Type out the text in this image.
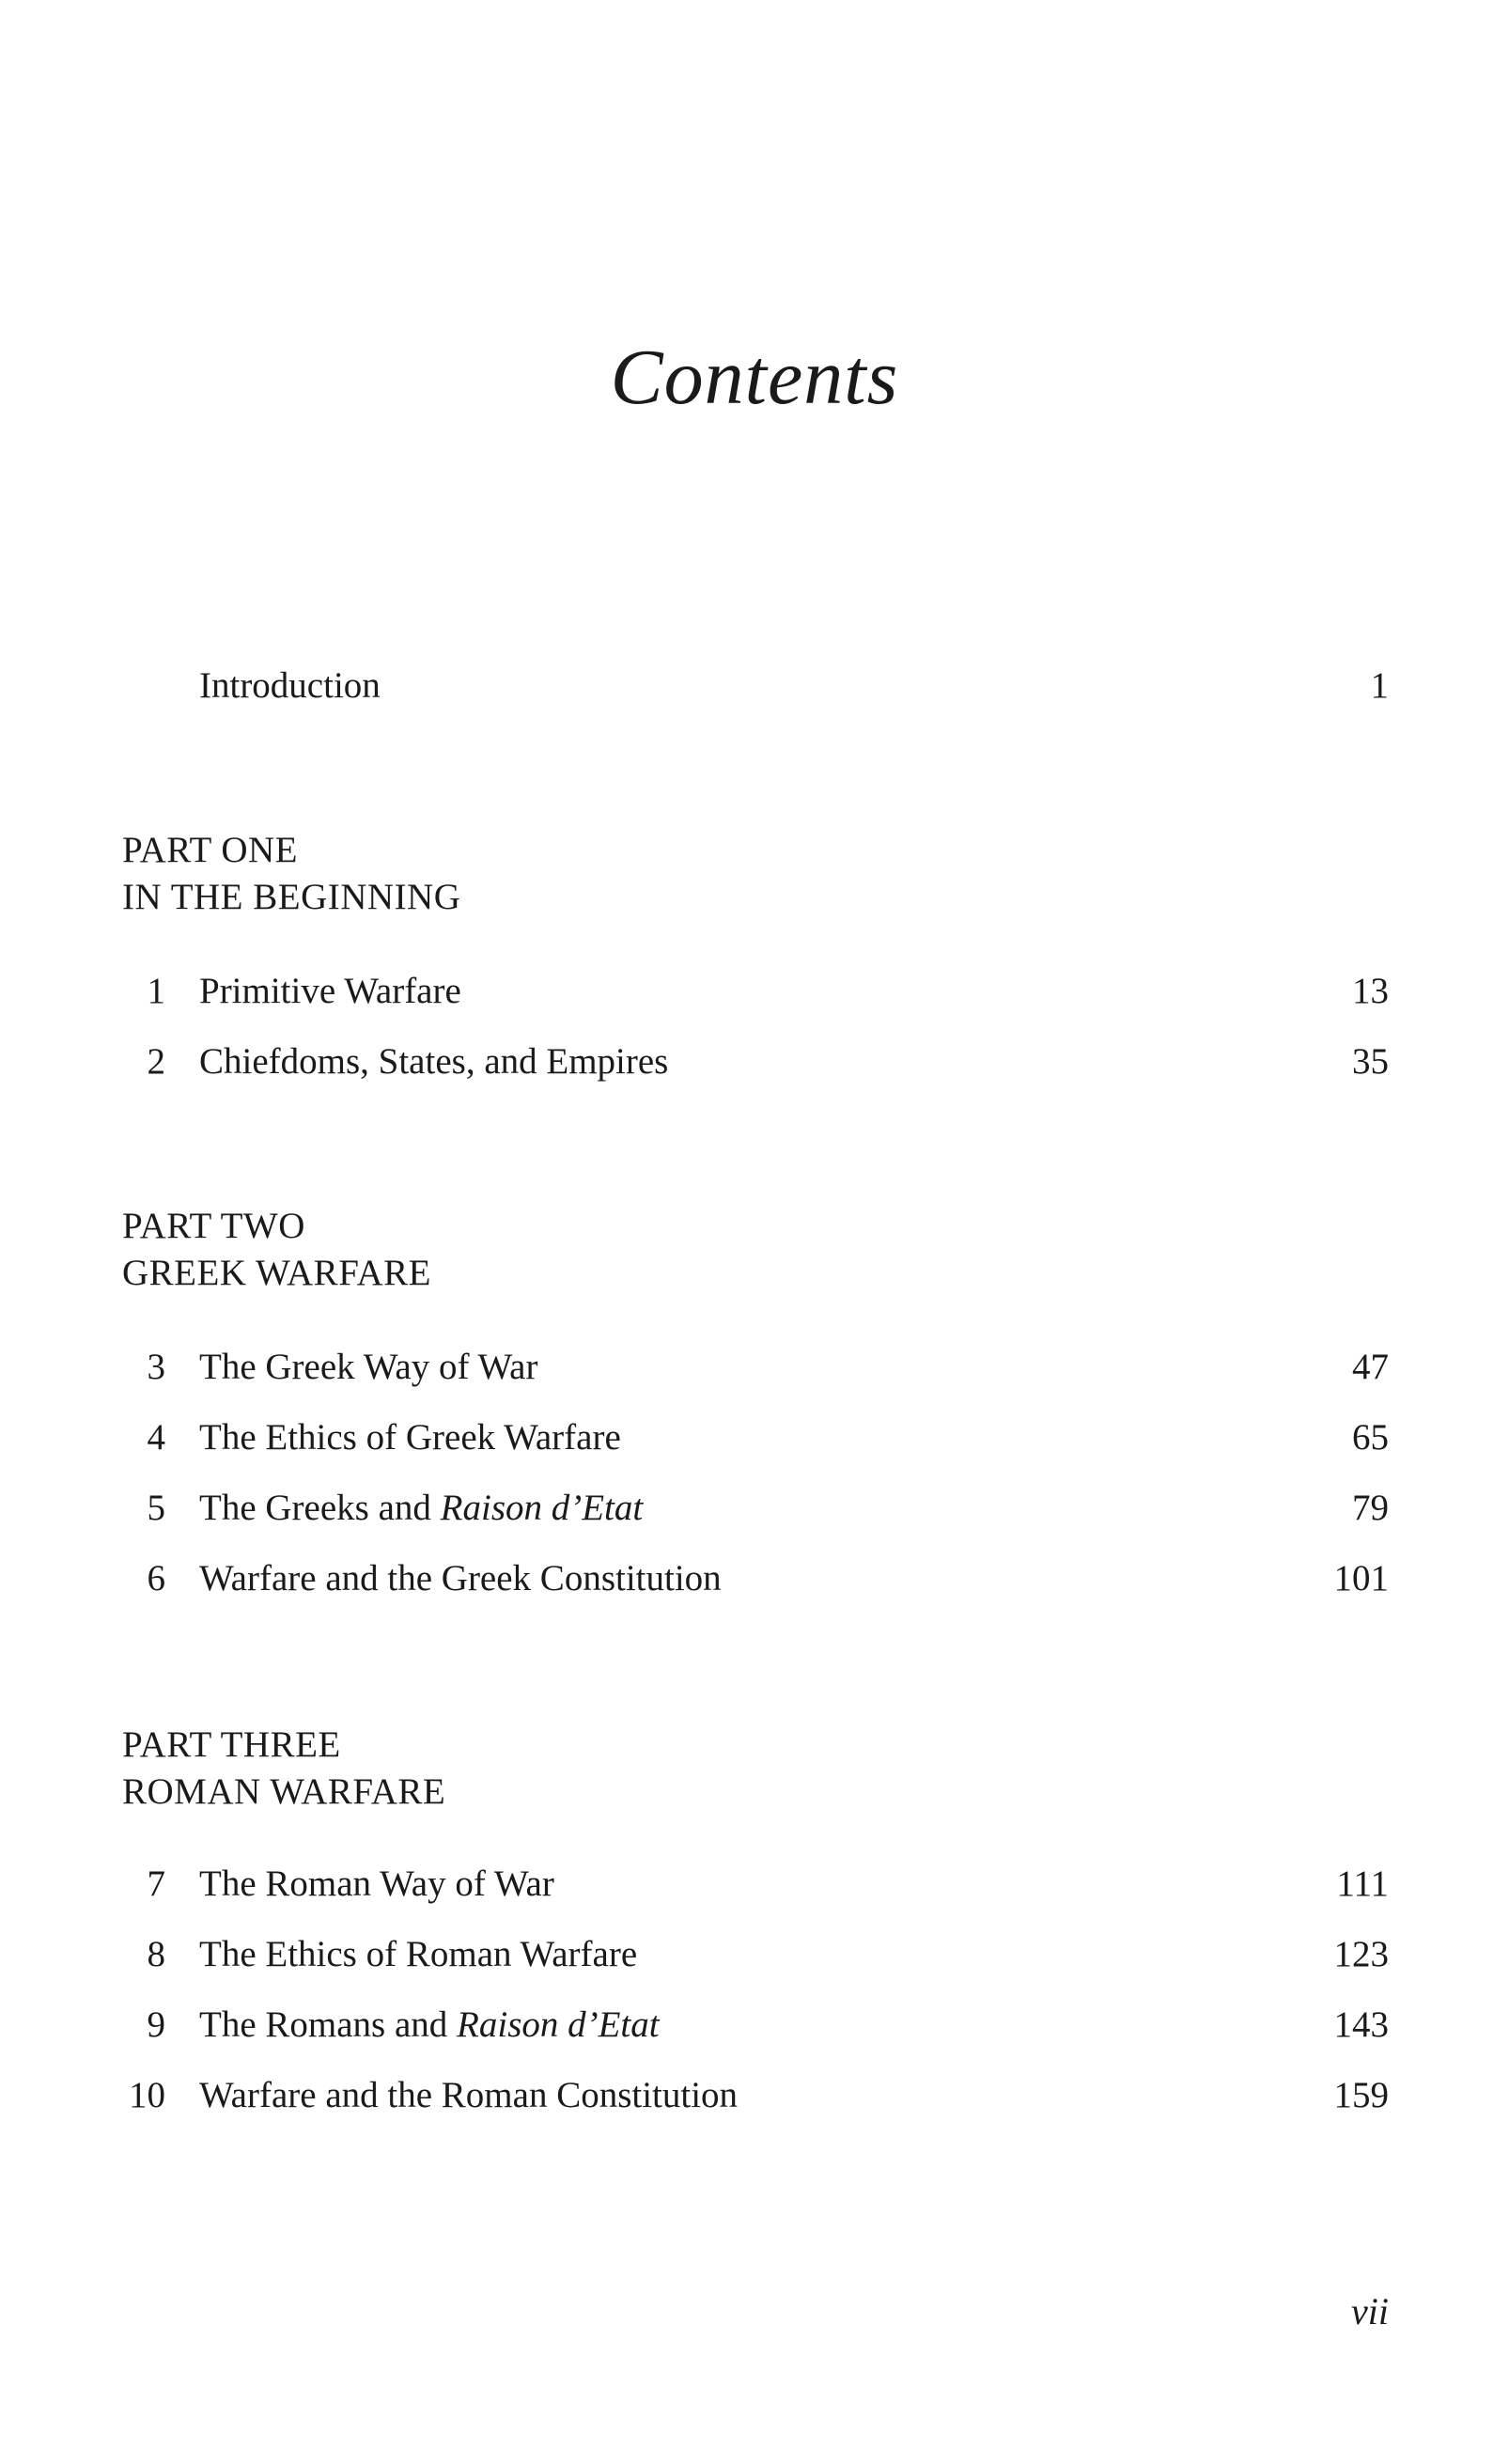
Contents
Introduction	1
PART ONE
IN THE BEGINNING
1 Primitive Warfare	13
2 Chiefdoms, States, and Empires	35
PART TWO
GREEK WARFARE
3 The Greek Way of War	47
4 The Ethics of Greek Warfare	65
5 The Greeks and Raison d’Etat	79
6 Warfare and the Greek Constitution	101
PART THREE
ROMAN WARFARE
7 The Roman Way of War	111
8 The Ethics of Roman Warfare	123
9 The Romans and Raison d’Etat	143
10 Warfare and the Roman Constitution	159
vii
